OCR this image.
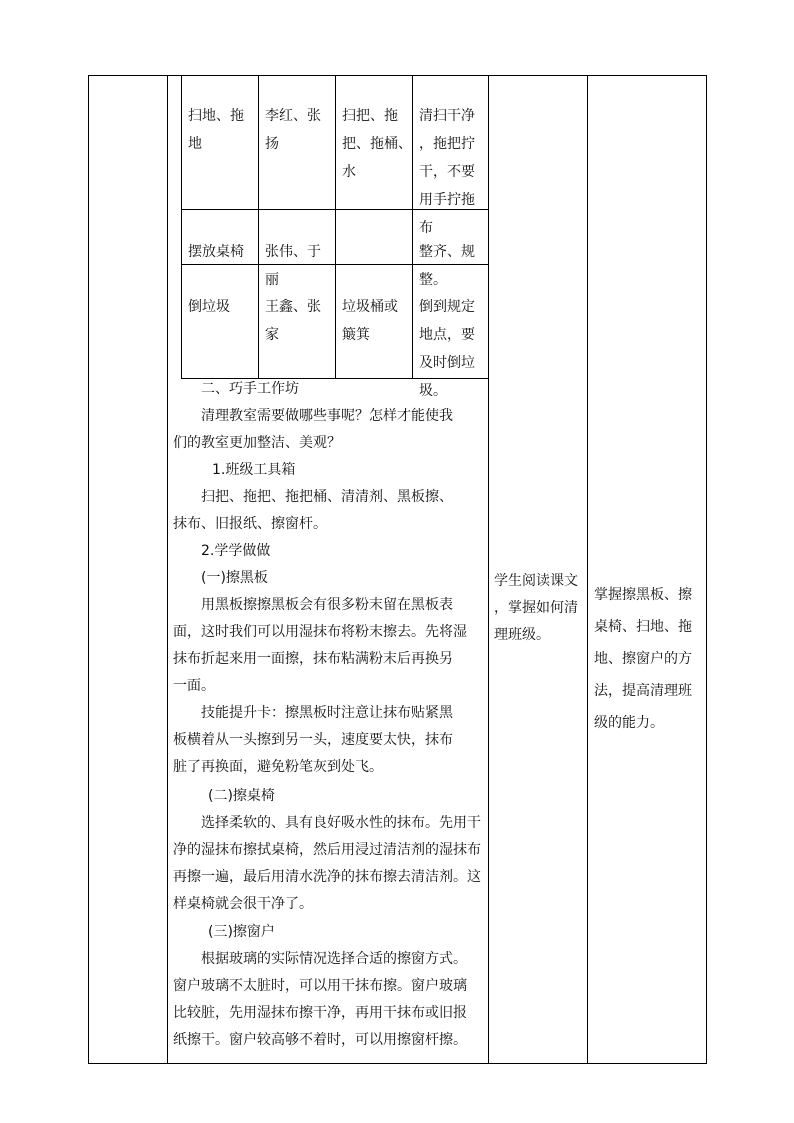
扫地、拖
地

李红、张
扬

扫把、拖
把、拖桶、
水

清扫干净
，拖把拧
干，不要
用手拧拖
布

摆放桌椅 张伟、于
丽

整齐、规
整。

倒垃圾	王鑫、张
家

垃圾桶或
簸箕

倒到规定
地点，要
及时倒垃
圾。

二、巧手工作坊
清理教室需要做哪些事呢？怎样才能使我
们的教室更加整洁、美观？
1.班级工具箱
扫把、拖把、拖把桶、清清剂、黑板擦、
抹布、旧报纸、擦窗杆。
2.学学做做
(一)擦黑板
用黑板擦擦黑板会有很多粉末留在黑板表
面，这时我们可以用湿抹布将粉末擦去。先将湿
抹布折起来用一面擦，抹布粘满粉末后再换另
一面。
技能提升卡：擦黑板时注意让抹布贴紧黑
板横着从一头擦到另一头，速度要太快，抹布
脏了再换面，避免粉笔灰到处飞。
(二)擦桌椅
选择柔软的、具有良好吸水性的抹布。先用干
净的湿抹布擦拭桌椅，然后用浸过清洁剂的湿抹布
再擦一遍，最后用清水洗净的抹布擦去清洁剂。这
样桌椅就会很干净了。
(三)擦窗户
根据玻璃的实际情况选择合适的擦窗方式。
窗户玻璃不太脏时，可以用干抹布擦。窗户玻璃
比较脏，先用湿抹布擦干净，再用干抹布或旧报
纸擦干。窗户较高够不着时，可以用擦窗杆擦。

学生阅读课文
，掌握如何清
理班级。

掌握擦黑板、擦
桌椅、扫地、拖
地、擦窗户的方
法，提高清理班
级的能力。
